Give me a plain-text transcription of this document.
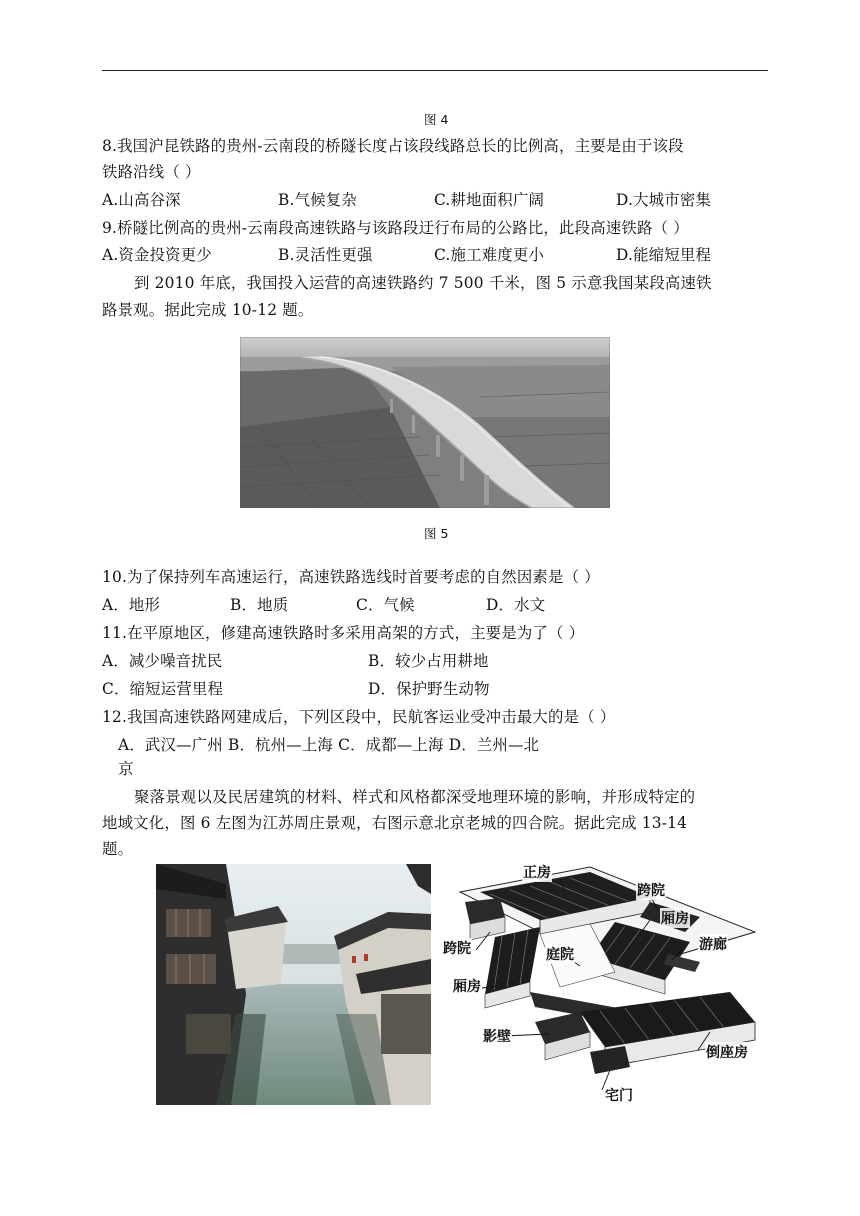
图 4
8.我国沪昆铁路的贵州-云南段的桥隧长度占该段线路总长的比例高，主要是由于该段
铁路沿线（ ）
A.山高谷深	B.气候复杂	C.耕地面积广阔	D.大城市密集
9.桥隧比例高的贵州-云南段高速铁路与该路段迂行布局的公路比，此段高速铁路（ ）
A.资金投资更少	B.灵活性更强	C.施工难度更小	D.能缩短里程
到 2010 年底，我国投入运营的高速铁路约 7 500 千米，图 5 示意我国某段高速铁
路景观。据此完成 10-12 题。
图 5
10.为了保持列车高速运行，高速铁路选线时首要考虑的自然因素是（ ）
A．地形	B．地质	C．气候	D．水文
11.在平原地区，修建高速铁路时多采用高架的方式，主要是为了（ ）
A．减少噪音扰民	B．较少占用耕地
C．缩短运营里程	D．保护野生动物
12.我国高速铁路网建成后，下列区段中，民航客运业受冲击最大的是（ ）
A．武汉—广州 B．杭州—上海 C．成都—上海 D．兰州—北
京
聚落景观以及民居建筑的材料、样式和风格都深受地理环境的影响，并形成特定的
地域文化，图 6 左图为江苏周庄景观，右图示意北京老城的四合院。据此完成 13-14
题。
正房
跨院
厢房
游廊
跨院	庭院
厢房
影壁
倒座房
宅门
